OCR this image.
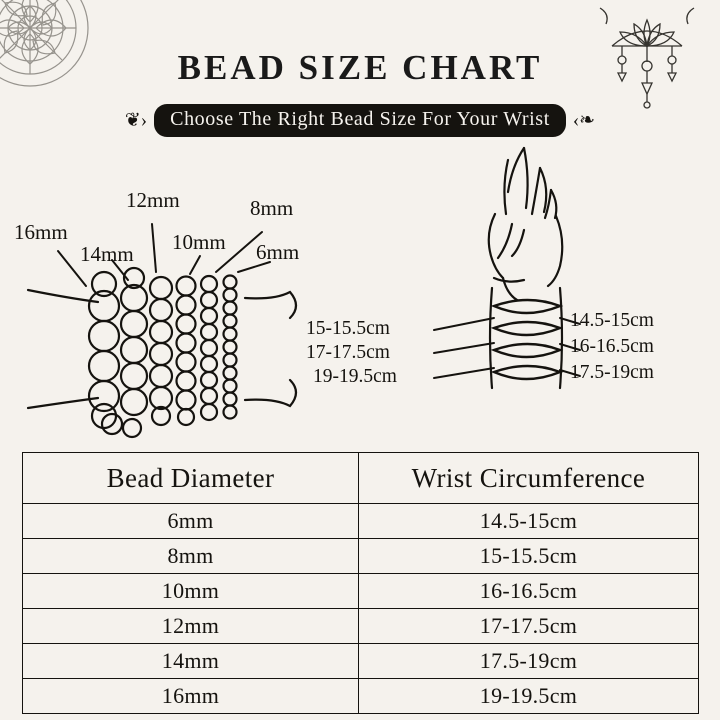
BEAD SIZE CHART
❦›	Choose The Right Bead Size For Your Wrist	‹❧
16mm
14mm
12mm
10mm
8mm
6mm
15-15.5cm
17-17.5cm
19-19.5cm
14.5-15cm
16-16.5cm
17.5-19cm
Bead Diameter	Wrist Circumference
6mm	14.5-15cm
8mm	15-15.5cm
10mm	16-16.5cm
12mm	17-17.5cm
14mm	17.5-19cm
16mm	19-19.5cm
